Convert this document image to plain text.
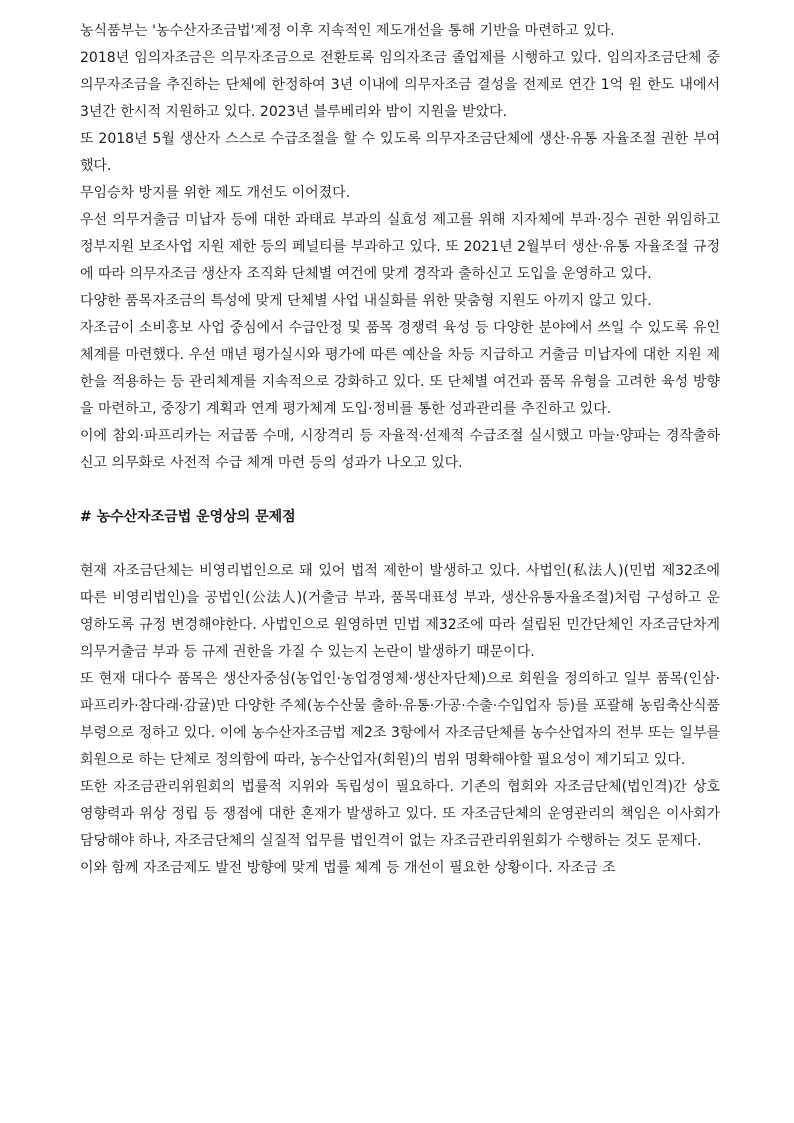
농식품부는 '농수산자조금법'제정 이후 지속적인 제도개선을 통해 기반을 마련하고 있다.

2018년 임의자조금은 의무자조금으로 전환토록 임의자조금 졸업제를 시행하고 있다. 임의자조금단체 중 의무자조금을 추진하는 단체에 한정하여 3년 이내에 의무자조금 결성을 전제로 연간 1억 원 한도 내에서 3년간 한시적 지원하고 있다. 2023년 블루베리와 밤이 지원을 받았다.

또 2018년 5월 생산자 스스로 수급조절을 할 수 있도록 의무자조금단체에 생산·유통 자율조절 권한 부여했다.

무임승차 방지를 위한 제도 개선도 이어졌다.

우선 의무거출금 미납자 등에 대한 과태료 부과의 실효성 제고를 위해 지자체에 부과·징수 권한 위임하고 정부지원 보조사업 지원 제한 등의 페널티를 부과하고 있다. 또 2021년 2월부터 생산·유통 자율조절 규정에 따라 의무자조금 생산자 조직화 단체별 여건에 맞게 경작과 출하신고 도입을 운영하고 있다.

다양한 품목자조금의 특성에 맞게 단체별 사업 내실화를 위한 맞춤형 지원도 아끼지 않고 있다.

자조금이 소비홍보 사업 중심에서 수급안정 및 품목 경쟁력 육성 등 다양한 분야에서 쓰일 수 있도록 유인 체계를 마련했다. 우선 매년 평가실시와 평가에 따른 예산을 차등 지급하고 거출금 미납자에 대한 지원 제한을 적용하는 등 관리체계를 지속적으로 강화하고 있다. 또 단체별 여건과 품목 유형을 고려한 육성 방향을 마련하고, 중장기 계획과 연계 평가체계 도입·정비를 통한 성과관리를 추진하고 있다.

이에 참외·파프리카는 저급품 수매, 시장격리 등 자율적·선제적 수급조절 실시했고 마늘·양파는 경작출하신고 의무화로 사전적 수급 체계 마련 등의 성과가 나오고 있다.

# 농수산자조금법 운영상의 문제점

현재 자조금단체는 비영리법인으로 돼 있어 법적 제한이 발생하고 있다. 사법인(私法人)(민법 제32조에 따른 비영리법인)을 공법인(公法人)(거출금 부과, 품목대표성 부과, 생산유통자율조절)처럼 구성하고 운영하도록 규정 변경해야한다. 사법인으로 원영하면 민법 제32조에 따라 설립된 민간단체인 자조금단차게 의무거출금 부과 등 규제 권한을 가질 수 있는지 논란이 발생하기 때문이다.

또 현재 대다수 품목은 생산자중심(농업인·농업경영체·생산자단체)으로 회원을 정의하고 일부 품목(인삼·파프리카·참다래·감귤)만 다양한 주체(농수산물 출하·유통·가공·수출·수입업자 등)를 포괄해 농림축산식품부령으로 정하고 있다. 이에 농수산자조금법 제2조 3항에서 자조금단체를 농수산업자의 전부 또는 일부를 회원으로 하는 단체로 정의함에 따라, 농수산업자(회원)의 범위 명확해야할 필요성이 제기되고 있다.

또한 자조금관리위원회의 법률적 지위와 독립성이 필요하다. 기존의 협회와 자조금단체(법인격)간 상호 영향력과 위상 정립 등 쟁점에 대한 혼재가 발생하고 있다. 또 자조금단체의 운영관리의 책임은 이사회가 담당해야 하나, 자조금단체의 실질적 업무를 법인격이 없는 자조금관리위원회가 수행하는 것도 문제다.

이와 함께 자조금제도 발전 방향에 맞게 법률 체계 등 개선이 필요한 상황이다. 자조금 조
